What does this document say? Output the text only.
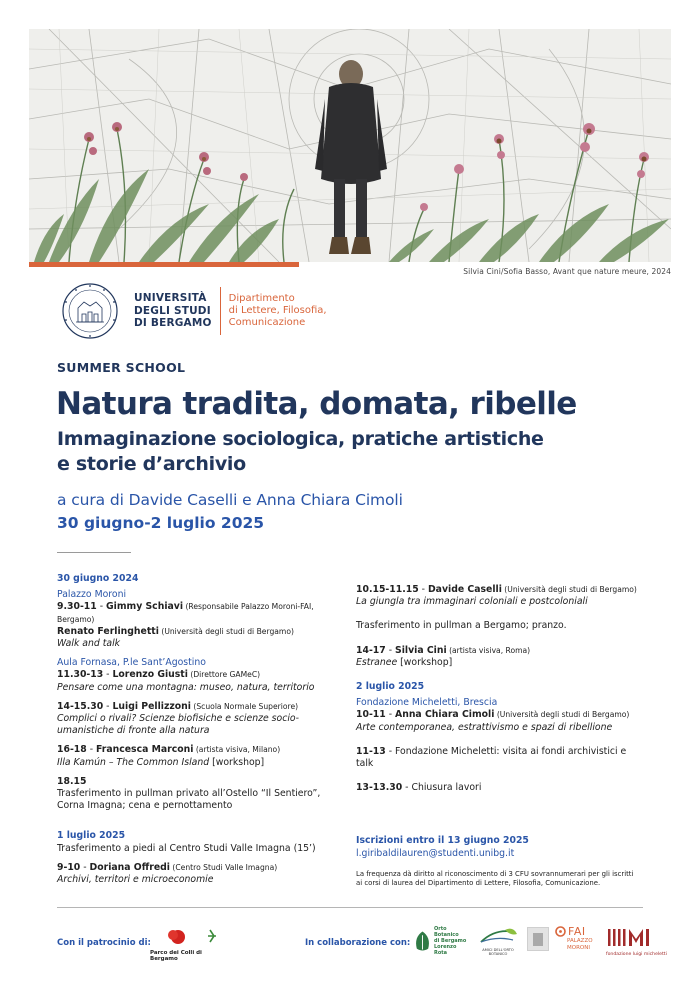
Silvia Cini/Sofia Basso, Avant que nature meure, 2024
UNIVERSITÀ
DEGLI STUDI
DI BERGAMO
Dipartimento
di Lettere, Filosofia,
Comunicazione
SUMMER SCHOOL
Natura tradita, domata, ribelle
Immaginazione sociologica, pratiche artistiche
e storie d’archivio
a cura di Davide Caselli e Anna Chiara Cimoli
30 giugno-2 luglio 2025
30 giugno 2024
Palazzo Moroni
9.30-11 - Gimmy Schiavi (Responsabile Palazzo Moroni-FAI, Bergamo)
Renato Ferlinghetti (Università degli studi di Bergamo)
Walk and talk
Aula Fornasa, P.le Sant’Agostino
11.30-13 - Lorenzo Giusti (Direttore GAMeC)
Pensare come una montagna: museo, natura, territorio
14-15.30 - Luigi Pellizzoni (Scuola Normale Superiore)
Complici o rivali? Scienze biofisiche e scienze socio-
umanistiche di fronte alla natura
16-18 - Francesca Marconi (artista visiva, Milano)
Illa Kamún – The Common Island [workshop]
18.15
Trasferimento in pullman privato all’Ostello “Il Sentiero”,
Corna Imagna; cena e pernottamento
1 luglio 2025
Trasferimento a piedi al Centro Studi Valle Imagna (15’)
9-10 - Doriana Offredi (Centro Studi Valle Imagna)
Archivi, territori e microeconomie
10.15-11.15 - Davide Caselli (Università degli studi di Bergamo)
La giungla tra immaginari coloniali e postcoloniali
Trasferimento in pullman a Bergamo; pranzo.
14-17 - Silvia Cini (artista visiva, Roma)
Estranee [workshop]
2 luglio 2025
Fondazione Micheletti, Brescia
10-11 - Anna Chiara Cimoli (Università degli studi di Bergamo)
Arte contemporanea, estrattivismo e spazi di ribellione
11-13 - Fondazione Micheletti: visita ai fondi archivistici e talk
13-13.30 - Chiusura lavori
Iscrizioni entro il 13 giugno 2025
l.giribaldilauren@studenti.unibg.it
La frequenza dà diritto al riconoscimento di 3 CFU sovrannumerari per gli iscritti
ai corsi di laurea del Dipartimento di Lettere, Filosofia, Comunicazione.
Con il patrocinio di:
Parco dei Colli di Bergamo
In collaborazione con:
Orto Botanico
di Bergamo
Lorenzo Rota	AMICI DELL'ORTO BOTANICO
FAI
PALAZZO
MORONI
fondazione luigi micheletti
